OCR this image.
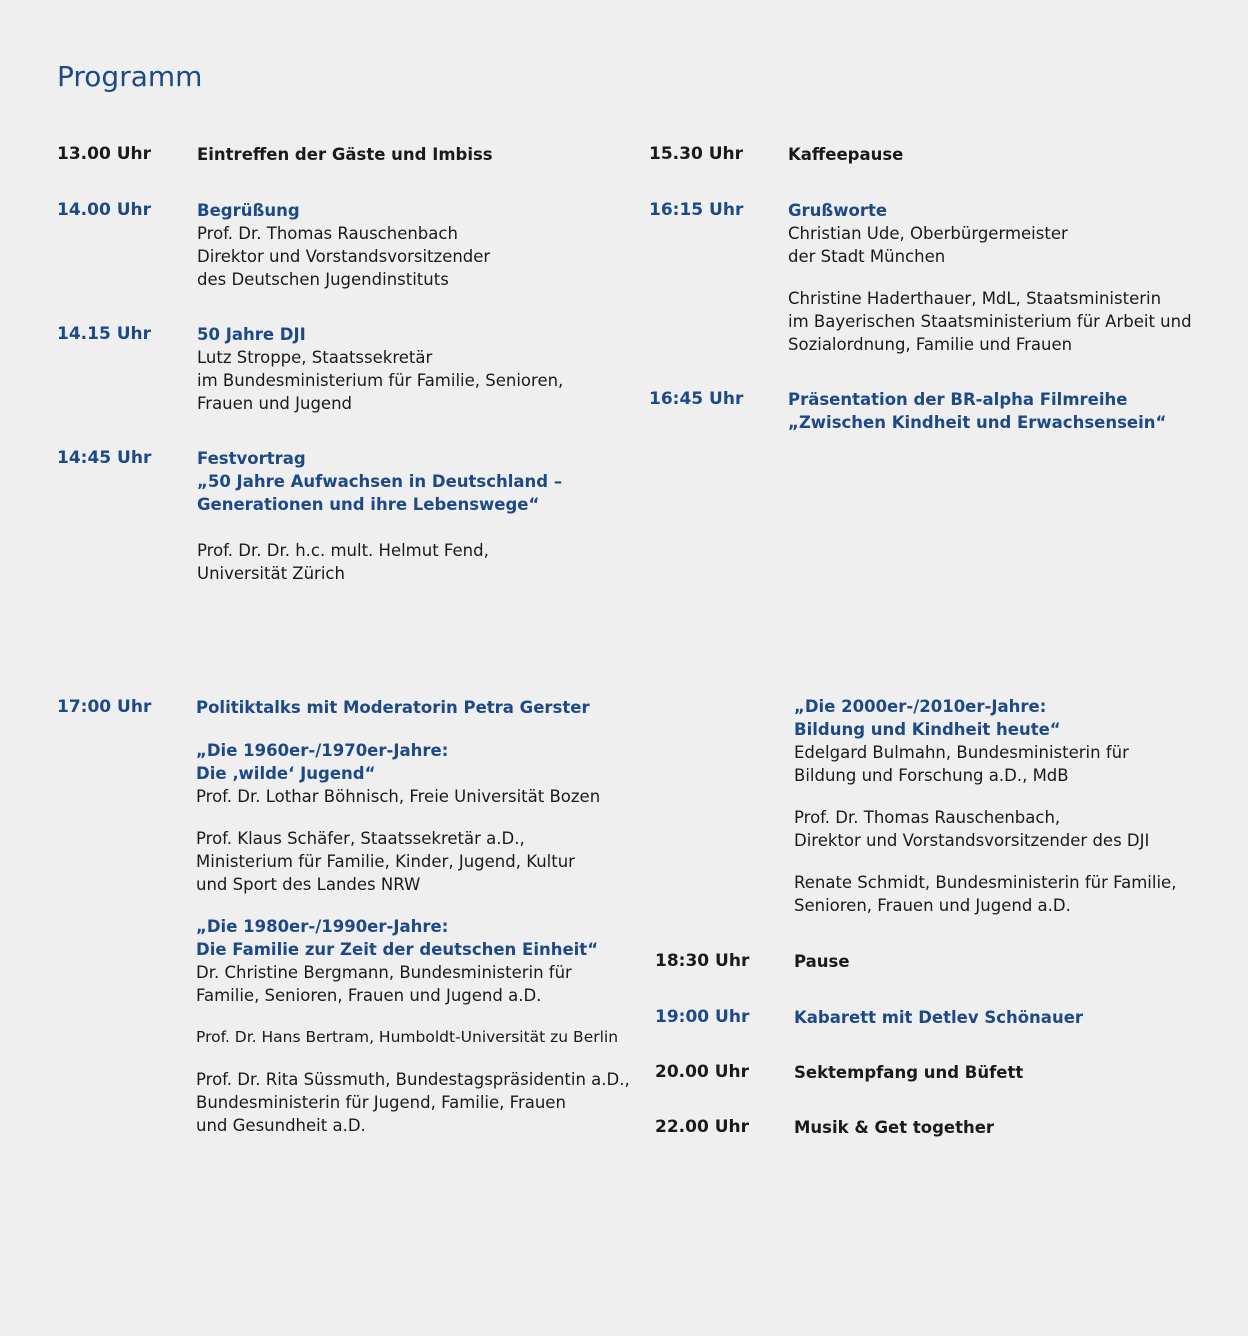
Programm
13.00 Uhr	Eintreffen der Gäste und Imbiss
14.00 Uhr	Begrüßung
Prof. Dr. Thomas Rauschenbach
Direktor und Vorstandsvorsitzender
des Deutschen Jugendinstituts
14.15 Uhr	50 Jahre DJI
Lutz Stroppe, Staatssekretär
im Bundesministerium für Familie, Senioren,
Frauen und Jugend
14:45 Uhr	Festvortrag
„50 Jahre Aufwachsen in Deutschland –
Generationen und ihre Lebenswege“
Prof. Dr. Dr. h.c. mult. Helmut Fend,
Universität Zürich
15.30 Uhr	Kaffeepause
16:15 Uhr	Grußworte
Christian Ude, Oberbürgermeister
der Stadt München
Christine Haderthauer, MdL, Staatsministerin
im Bayerischen Staatsministerium für Arbeit und
Sozialordnung, Familie und Frauen
16:45 Uhr	Präsentation der BR-alpha Filmreihe
„Zwischen Kindheit und Erwachsensein“
17:00 Uhr	Politiktalks mit Moderatorin Petra Gerster
„Die 1960er-/1970er-Jahre:
Die ‚wilde‘ Jugend“
Prof. Dr. Lothar Böhnisch, Freie Universität Bozen
Prof. Klaus Schäfer, Staatssekretär a.D.,
Ministerium für Familie, Kinder, Jugend, Kultur
und Sport des Landes NRW
„Die 1980er-/1990er-Jahre:
Die Familie zur Zeit der deutschen Einheit“
Dr. Christine Bergmann, Bundesministerin für
Familie, Senioren, Frauen und Jugend a.D.
Prof. Dr. Hans Bertram, Humboldt-Universität zu Berlin
Prof. Dr. Rita Süssmuth, Bundestagspräsidentin a.D.,
Bundesministerin für Jugend, Familie, Frauen
und Gesundheit a.D.
„Die 2000er-/2010er-Jahre:
Bildung und Kindheit heute“
Edelgard Bulmahn, Bundesministerin für
Bildung und Forschung a.D., MdB
Prof. Dr. Thomas Rauschenbach,
Direktor und Vorstandsvorsitzender des DJI
Renate Schmidt, Bundesministerin für Familie,
Senioren, Frauen und Jugend a.D.
18:30 Uhr	Pause
19:00 Uhr	Kabarett mit Detlev Schönauer
20.00 Uhr	Sektempfang und Büfett
22.00 Uhr	Musik & Get together
